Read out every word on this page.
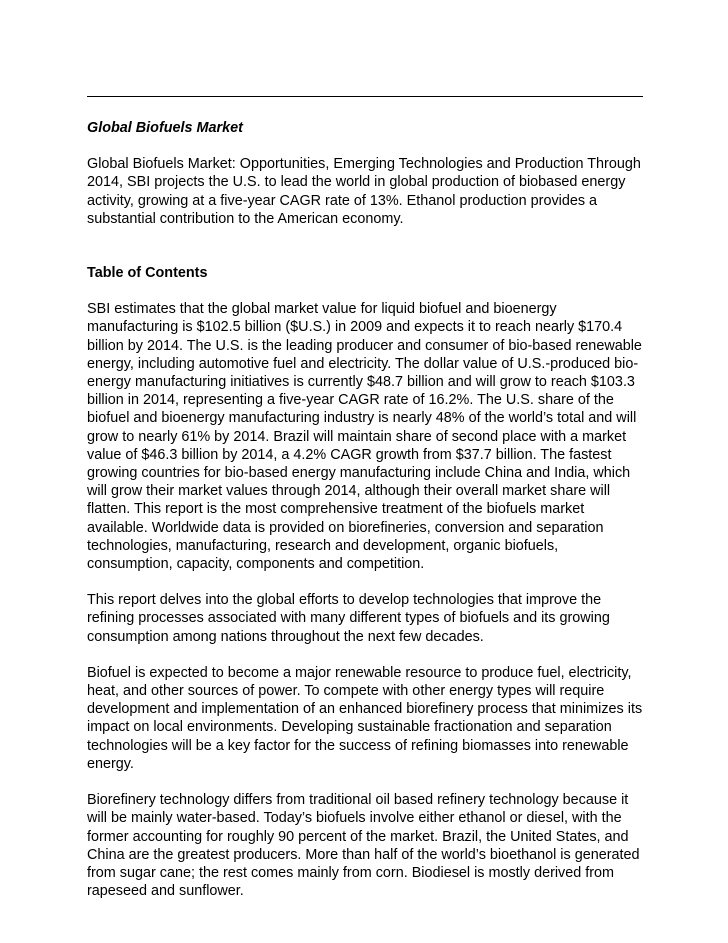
Global Biofuels Market

Global Biofuels Market: Opportunities, Emerging Technologies and Production Through 2014, SBI projects the U.S. to lead the world in global production of biobased energy activity, growing at a five-year CAGR rate of 13%. Ethanol production provides a substantial contribution to the American economy.

Table of Contents

SBI estimates that the global market value for liquid biofuel and bioenergy manufacturing is $102.5 billion ($U.S.) in 2009 and expects it to reach nearly $170.4 billion by 2014. The U.S. is the leading producer and consumer of bio-based renewable energy, including automotive fuel and electricity. The dollar value of U.S.-produced bio-energy manufacturing initiatives is currently $48.7 billion and will grow to reach $103.3 billion in 2014, representing a five-year CAGR rate of 16.2%. The U.S. share of the biofuel and bioenergy manufacturing industry is nearly 48% of the world’s total and will grow to nearly 61% by 2014. Brazil will maintain share of second place with a market value of $46.3 billion by 2014, a 4.2% CAGR growth from $37.7 billion. The fastest growing countries for bio-based energy manufacturing include China and India, which will grow their market values through 2014, although their overall market share will flatten. This report is the most comprehensive treatment of the biofuels market available. Worldwide data is provided on biorefineries, conversion and separation technologies, manufacturing, research and development, organic biofuels, consumption, capacity, components and competition.

This report delves into the global efforts to develop technologies that improve the refining processes associated with many different types of biofuels and its growing consumption among nations throughout the next few decades.

Biofuel is expected to become a major renewable resource to produce fuel, electricity, heat, and other sources of power. To compete with other energy types will require development and implementation of an enhanced biorefinery process that minimizes its impact on local environments. Developing sustainable fractionation and separation technologies will be a key factor for the success of refining biomasses into renewable energy.

Biorefinery technology differs from traditional oil based refinery technology because it will be mainly water-based. Today’s biofuels involve either ethanol or diesel, with the former accounting for roughly 90 percent of the market. Brazil, the United States, and China are the greatest producers. More than half of the world’s bioethanol is generated from sugar cane; the rest comes mainly from corn. Biodiesel is mostly derived from rapeseed and sunflower.
